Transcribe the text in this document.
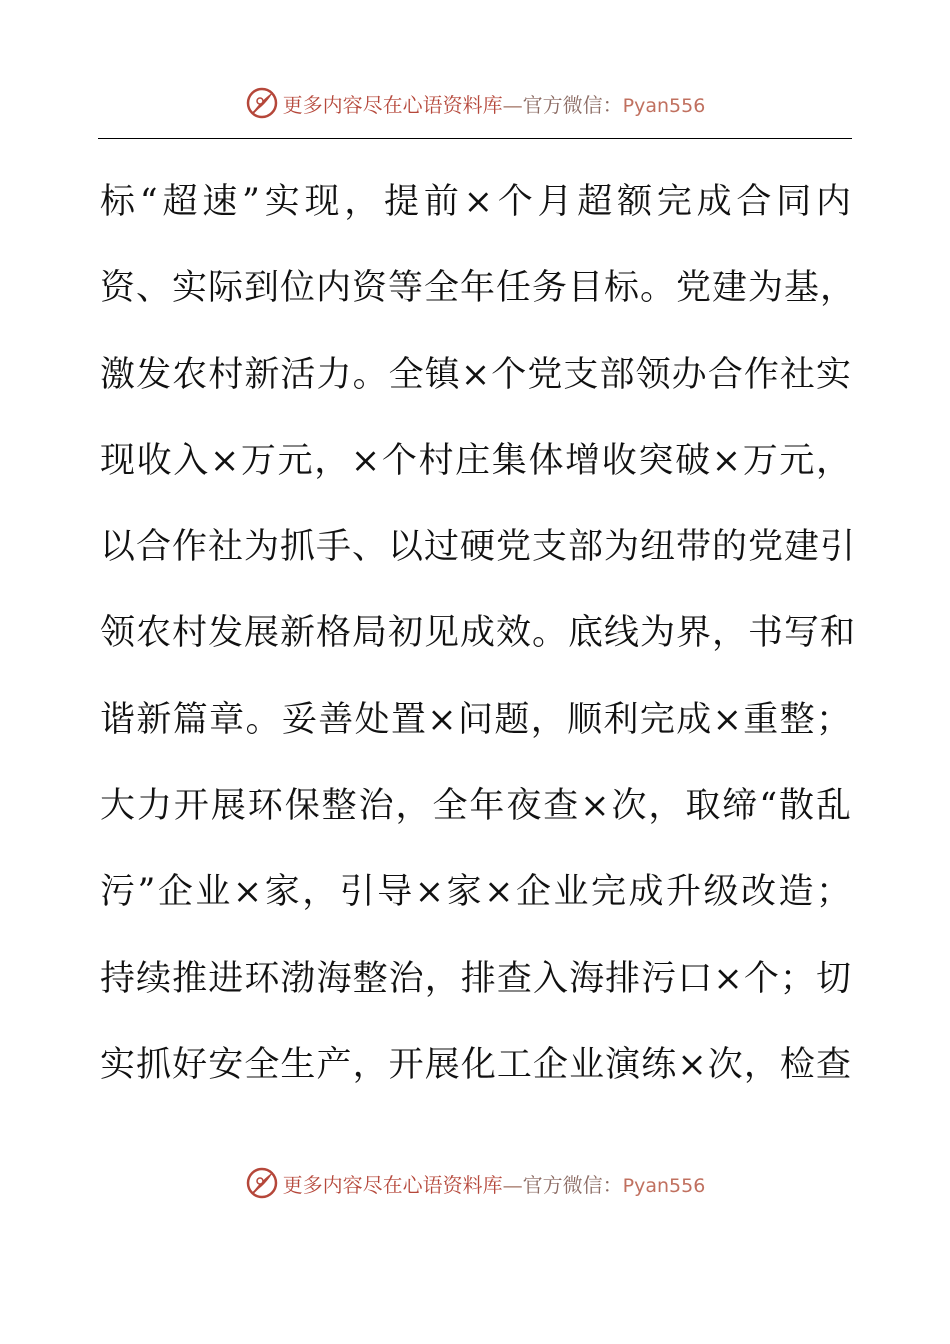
更多内容尽在心语资料库—官方微信：Pyan556
标“超速”实现，提前×个月超额完成合同内
资、实际到位内资等全年任务目标。党建为基，
激发农村新活力。全镇×个党支部领办合作社实
现收入×万元，×个村庄集体增收突破×万元，
以合作社为抓手、以过硬党支部为纽带的党建引
领农村发展新格局初见成效。底线为界，书写和
谐新篇章。妥善处置×问题，顺利完成×重整；
大力开展环保整治，全年夜查×次，取缔“散乱
污”企业×家，引导×家×企业完成升级改造；
持续推进环渤海整治，排查入海排污口×个；切
实抓好安全生产，开展化工企业演练×次，检查
更多内容尽在心语资料库—官方微信：Pyan556
